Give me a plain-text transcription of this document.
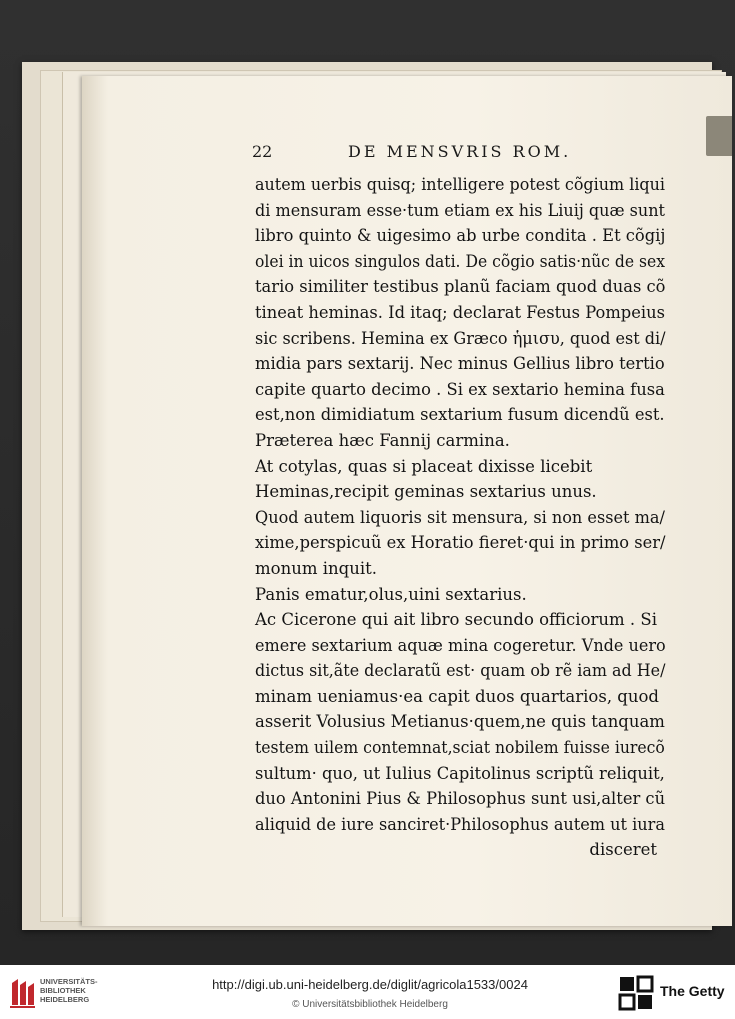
22	DE MENSVRIS ROM.
autem uerbis quisq; intelligere potest cõgium liqui
di mensuram esse·tum etiam ex his Liuij quæ sunt
libro quinto & uigesimo ab urbe condita . Et cõgij
olei in uicos singulos dati. De cõgio satis·nũc de sex
tario similiter testibus planũ faciam quod duas cõ
tineat heminas. Id itaq; declarat Festus Pompeius
sic scribens. Hemina ex Græco ἡμισυ, quod est di/
midia pars sextarij. Nec minus Gellius libro tertio
capite quarto decimo . Si ex sextario hemina fusa
est,non dimidiatum sextarium fusum dicendũ est.
Præterea hæc Fannij carmina.
At cotylas, quas si placeat dixisse licebit
Heminas,recipit geminas sextarius unus.
Quod autem liquoris sit mensura, si non esset ma/
xime,perspicuũ ex Horatio fieret·qui in primo ser/
monum inquit.
Panis ematur,olus,uini sextarius.
Ac Cicerone qui ait libro secundo officiorum . Si
emere sextarium aquæ mina cogeretur. Vnde uero
dictus sit,ãte declaratũ est· quam ob rẽ iam ad He/
minam ueniamus·ea capit duos quartarios, quod
asserit Volusius Metianus·quem,ne quis tanquam
testem uilem contemnat,sciat nobilem fuisse iurecõ
sultum· quo, ut Iulius Capitolinus scriptũ reliquit,
duo Antonini Pius & Philosophus sunt usi,alter cũ
aliquid de iure sanciret·Philosophus autem ut iura
disceret
UNIVERSITÄTS-
BIBLIOTHEK
HEIDELBERG
http://digi.ub.uni-heidelberg.de/diglit/agricola1533/0024
© Universitätsbibliothek Heidelberg
The Getty
